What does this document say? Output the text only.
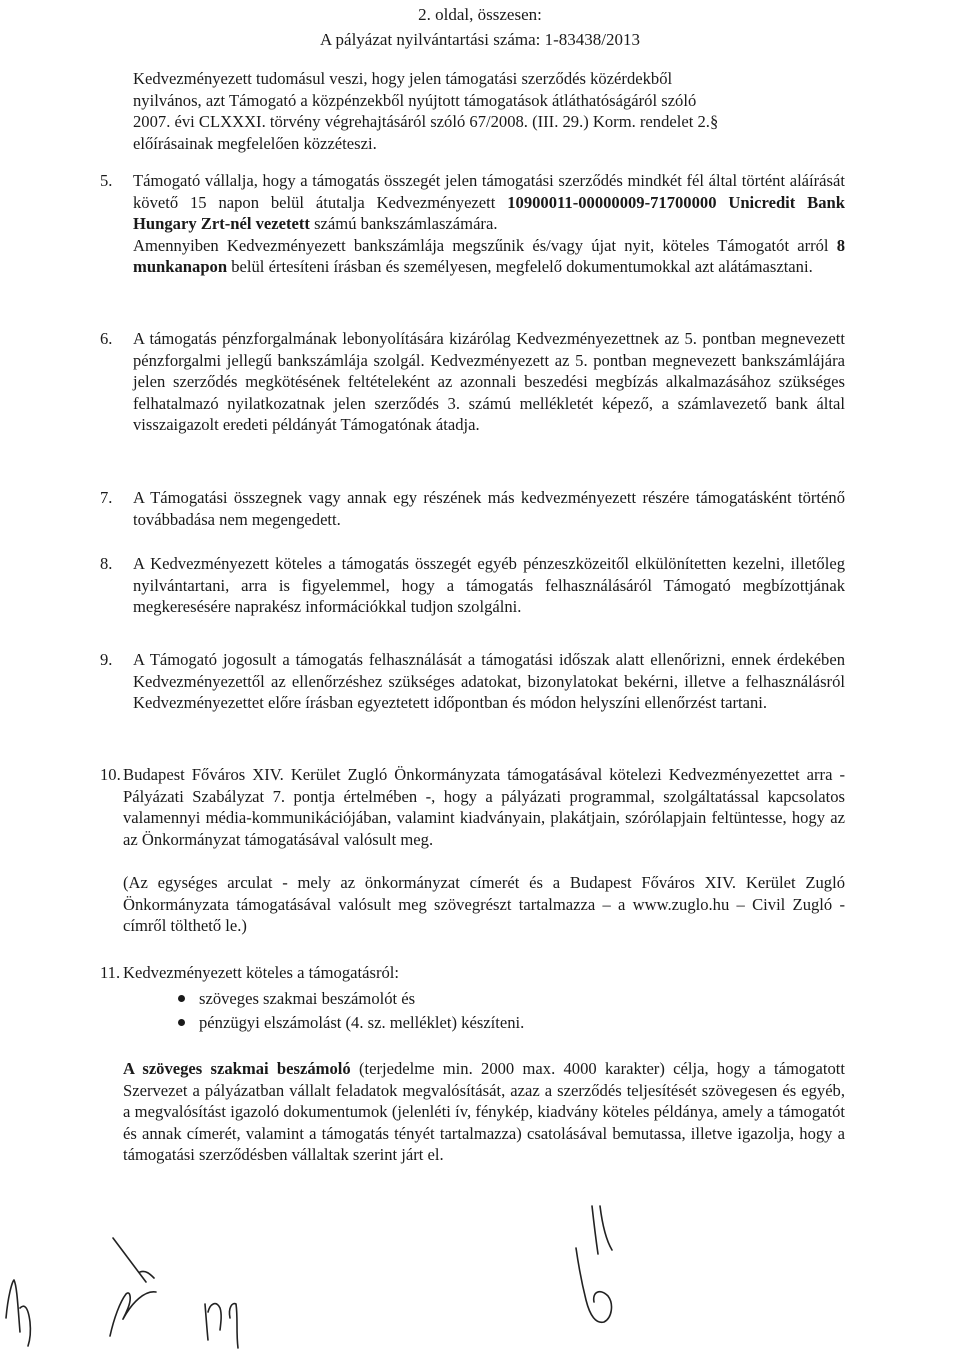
2. oldal, összesen:
A pályázat nyilvántartási száma: 1-83438/2013
Kedvezményezett tudomásul veszi, hogy jelen támogatási szerződés közérdekből
nyilvános, azt Támogató a közpénzekből nyújtott támogatások átláthatóságáról szóló
2007. évi CLXXXI. törvény végrehajtásáról szóló 67/2008. (III. 29.) Korm. rendelet 2.§
előírásainak megfelelően közzéteszi.
5. Támogató vállalja, hogy a támogatás összegét jelen támogatási szerződés mindkét fél által történt aláírását követő 15 napon belül átutalja Kedvezményezett 10900011-00000009-71700000 Unicredit Bank Hungary Zrt-nél vezetett számú bankszámlaszámára.
Amennyiben Kedvezményezett bankszámlája megszűnik és/vagy újat nyit, köteles Támogatót arról 8 munkanapon belül értesíteni írásban és személyesen, megfelelő dokumentumokkal azt alátámasztani.
6. A támogatás pénzforgalmának lebonyolítására kizárólag Kedvezményezettnek az 5. pontban megnevezett pénzforgalmi jellegű bankszámlája szolgál. Kedvezményezett az 5. pontban megnevezett bankszámlájára jelen szerződés megkötésének feltételeként az azonnali beszedési megbízás alkalmazásához szükséges felhatalmazó nyilatkozatnak jelen szerződés 3. számú mellékletét képező, a számlavezető bank által visszaigazolt eredeti példányát Támogatónak átadja.
7. A Támogatási összegnek vagy annak egy részének más kedvezményezett részére támogatásként történő továbbadása nem megengedett.
8. A Kedvezményezett köteles a támogatás összegét egyéb pénzeszközeitől elkülönítetten kezelni, illetőleg nyilvántartani, arra is figyelemmel, hogy a támogatás felhasználásáról Támogató megbízottjának megkeresésére naprakész információkkal tudjon szolgálni.
9. A Támogató jogosult a támogatás felhasználását a támogatási időszak alatt ellenőrizni, ennek érdekében Kedvezményezettől az ellenőrzéshez szükséges adatokat, bizonylatokat bekérni, illetve a felhasználásról Kedvezményezettet előre írásban egyeztetett időpontban és módon helyszíni ellenőrzést tartani.
10. Budapest Főváros XIV. Kerület Zugló Önkormányzata támogatásával kötelezi Kedvezményezettet arra - Pályázati Szabályzat 7. pontja értelmében -, hogy a pályázati programmal, szolgáltatással kapcsolatos valamennyi média-kommunikációjában, valamint kiadványain, plakátjain, szórólapjain feltüntesse, hogy az az Önkormányzat támogatásával valósult meg.
(Az egységes arculat - mely az önkormányzat címerét és a Budapest Főváros XIV. Kerület Zugló Önkormányzata támogatásával valósult meg szövegrészt tartalmazza – a www.zuglo.hu – Civil Zugló - címről tölthető le.)
11. Kedvezményezett köteles a támogatásról:
szöveges szakmai beszámolót és
pénzügyi elszámolást (4. sz. melléklet) készíteni.
A szöveges szakmai beszámoló (terjedelme min. 2000 max. 4000 karakter) célja, hogy a támogatott Szervezet a pályázatban vállalt feladatok megvalósítását, azaz a szerződés teljesítését szövegesen és egyéb, a megvalósítást igazoló dokumentumok (jelenléti ív, fénykép, kiadvány köteles példánya, amely a támogatót és annak címerét, valamint a támogatás tényét tartalmazza) csatolásával bemutassa, illetve igazolja, hogy a támogatási szerződésben vállaltak szerint járt el.
